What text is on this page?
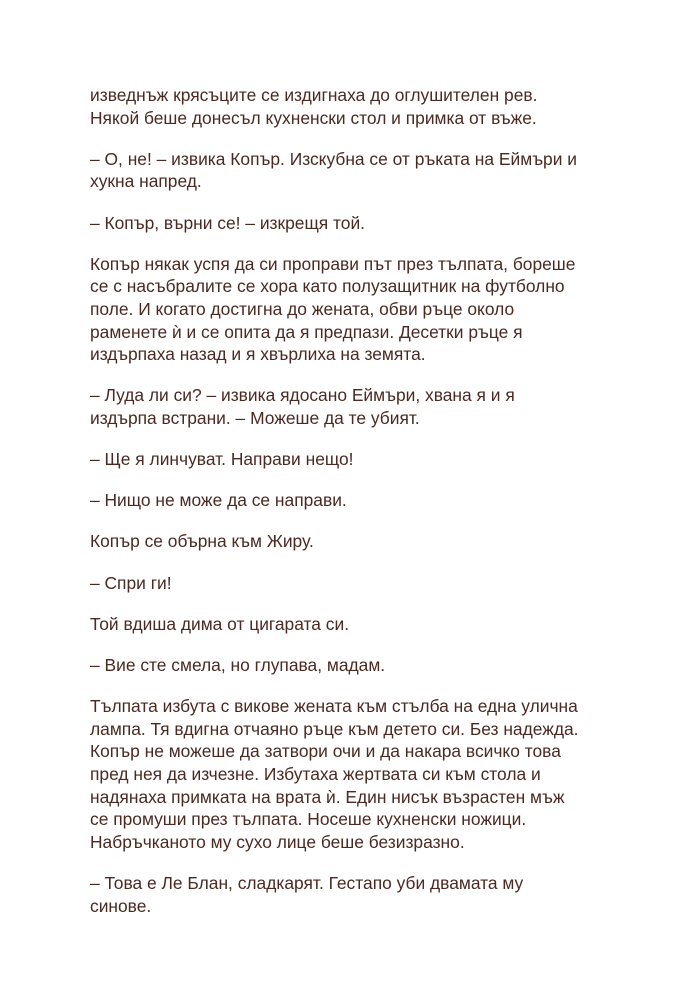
изведнъж крясъците се издигнаха до оглушителен рев.
Някой беше донесъл кухненски стол и примка от въже.

– О, не! – извика Копър. Изскубна се от ръката на Еймъри и
хукна напред.

– Копър, върни се! – изкрещя той.

Копър някак успя да си проправи път през тълпата, бореше
се с насъбралите се хора като полузащитник на футболно
поле. И когато достигна до жената, обви ръце около
раменете ѝ и се опита да я предпази. Десетки ръце я
издърпаха назад и я хвърлиха на земята.

– Луда ли си? – извика ядосано Еймъри, хвана я и я
издърпа встрани. – Можеше да те убият.

– Ще я линчуват. Направи нещо!

– Нищо не може да се направи.

Копър се обърна към Жиру.

– Спри ги!

Той вдиша дима от цигарата си.

– Вие сте смела, но глупава, мадам.

Тълпата избута с викове жената към стълба на една улична
лампа. Тя вдигна отчаяно ръце към детето си. Без надежда.
Копър не можеше да затвори очи и да накара всичко това
пред нея да изчезне. Избутаха жертвата си към стола и
надянаха примката на врата ѝ. Един нисък възрастен мъж
се промуши през тълпата. Носеше кухненски ножици.
Набръчканото му сухо лице беше безизразно.

– Това е Ле Блан, сладкарят. Гестапо уби двамата му
синове.
